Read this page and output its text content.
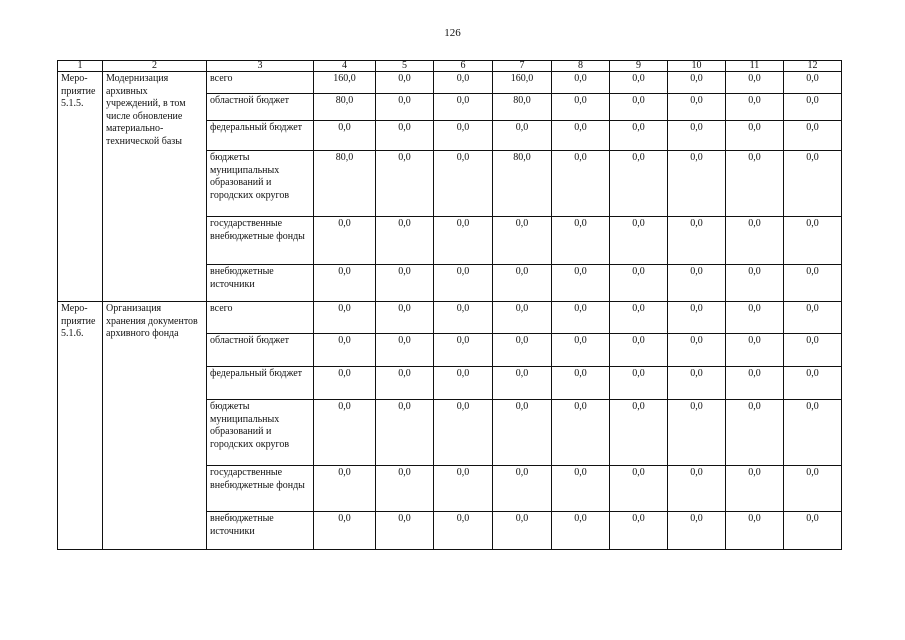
126
1	2	3	4	5	6	7	8	9	10	11	12
Меро-приятие 5.1.5.	Модернизация архивных учреждений, в том числе обновление материально-технической базы	всего	160,0	0,0	0,0	160,0	0,0	0,0	0,0	0,0	0,0
		областной бюджет	80,0	0,0	0,0	80,0	0,0	0,0	0,0	0,0	0,0
		федеральный бюджет	0,0	0,0	0,0	0,0	0,0	0,0	0,0	0,0	0,0
		бюджеты муниципальных образований и городских округов	80,0	0,0	0,0	80,0	0,0	0,0	0,0	0,0	0,0
		государственные внебюджетные фонды	0,0	0,0	0,0	0,0	0,0	0,0	0,0	0,0	0,0
		внебюджетные источники	0,0	0,0	0,0	0,0	0,0	0,0	0,0	0,0	0,0
Меро-приятие 5.1.6.	Организация хранения документов архивного фонда	всего	0,0	0,0	0,0	0,0	0,0	0,0	0,0	0,0	0,0
		областной бюджет	0,0	0,0	0,0	0,0	0,0	0,0	0,0	0,0	0,0
		федеральный бюджет	0,0	0,0	0,0	0,0	0,0	0,0	0,0	0,0	0,0
		бюджеты муниципальных образований и городских округов	0,0	0,0	0,0	0,0	0,0	0,0	0,0	0,0	0,0
		государственные внебюджетные фонды	0,0	0,0	0,0	0,0	0,0	0,0	0,0	0,0	0,0
		внебюджетные источники	0,0	0,0	0,0	0,0	0,0	0,0	0,0	0,0	0,0
